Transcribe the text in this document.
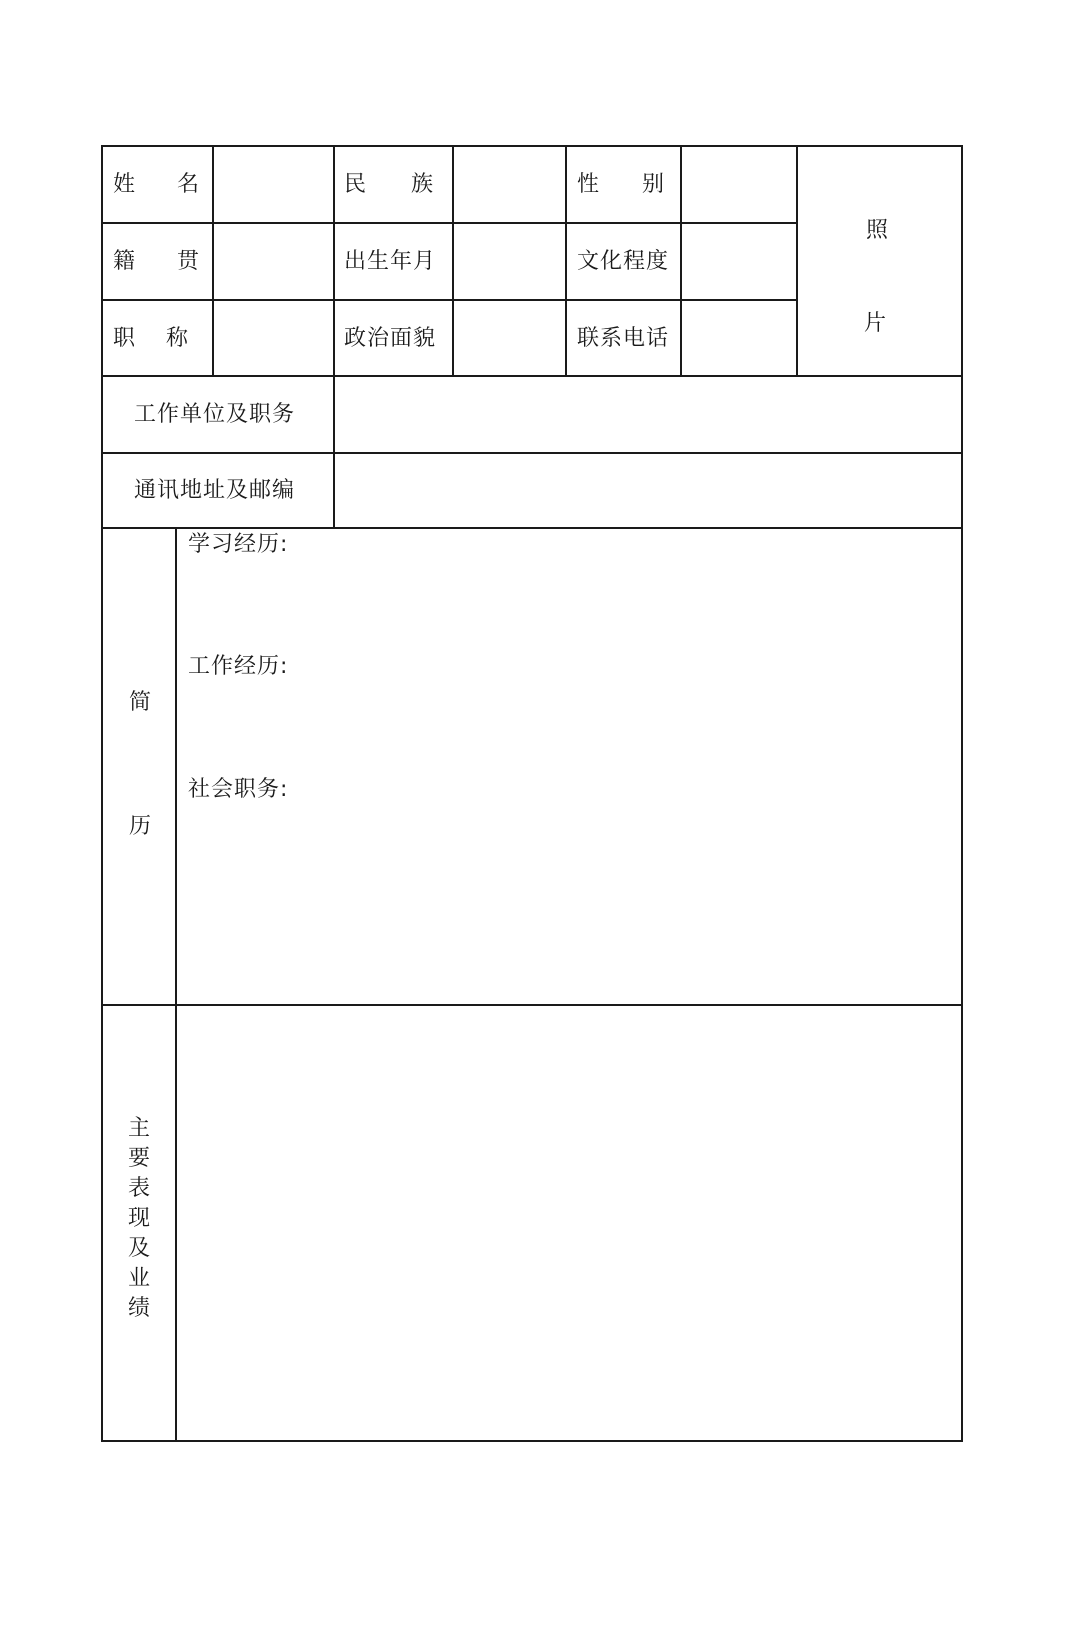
姓 名	民 族	性 别
籍 贯	出生年月	文化程度
职 称	政治面貌	联系电话
照
片
工作单位及职务
通讯地址及邮编
简
历
学习经历:
工作经历:
社会职务:
主要表现及业绩
